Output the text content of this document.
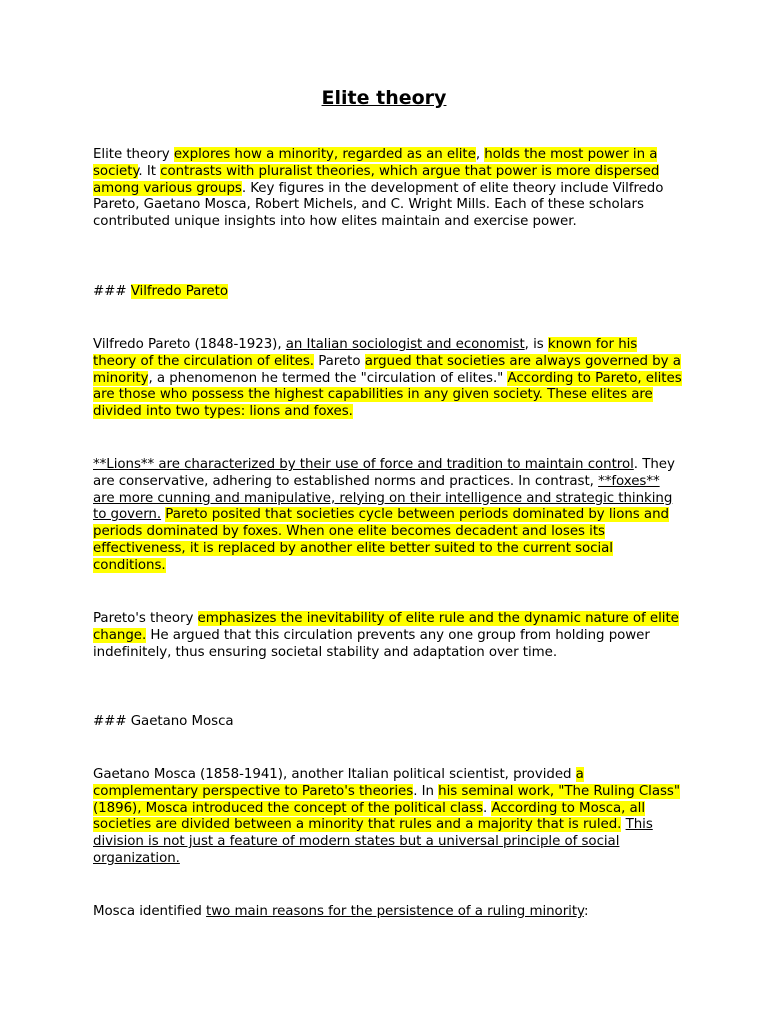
Elite theory
Elite theory explores how a minority, regarded as an elite, holds the most power in a society. It contrasts with pluralist theories, which argue that power is more dispersed among various groups. Key figures in the development of elite theory include Vilfredo Pareto, Gaetano Mosca, Robert Michels, and C. Wright Mills. Each of these scholars contributed unique insights into how elites maintain and exercise power.
### Vilfredo Pareto
Vilfredo Pareto (1848-1923), an Italian sociologist and economist, is known for his theory of the circulation of elites. Pareto argued that societies are always governed by a minority, a phenomenon he termed the "circulation of elites." According to Pareto, elites are those who possess the highest capabilities in any given society. These elites are divided into two types: lions and foxes.
**Lions** are characterized by their use of force and tradition to maintain control. They are conservative, adhering to established norms and practices. In contrast, **foxes** are more cunning and manipulative, relying on their intelligence and strategic thinking to govern. Pareto posited that societies cycle between periods dominated by lions and periods dominated by foxes. When one elite becomes decadent and loses its effectiveness, it is replaced by another elite better suited to the current social conditions.
Pareto's theory emphasizes the inevitability of elite rule and the dynamic nature of elite change. He argued that this circulation prevents any one group from holding power indefinitely, thus ensuring societal stability and adaptation over time.
### Gaetano Mosca
Gaetano Mosca (1858-1941), another Italian political scientist, provided a complementary perspective to Pareto's theories. In his seminal work, "The Ruling Class" (1896), Mosca introduced the concept of the political class. According to Mosca, all societies are divided between a minority that rules and a majority that is ruled. This division is not just a feature of modern states but a universal principle of social organization.
Mosca identified two main reasons for the persistence of a ruling minority:
